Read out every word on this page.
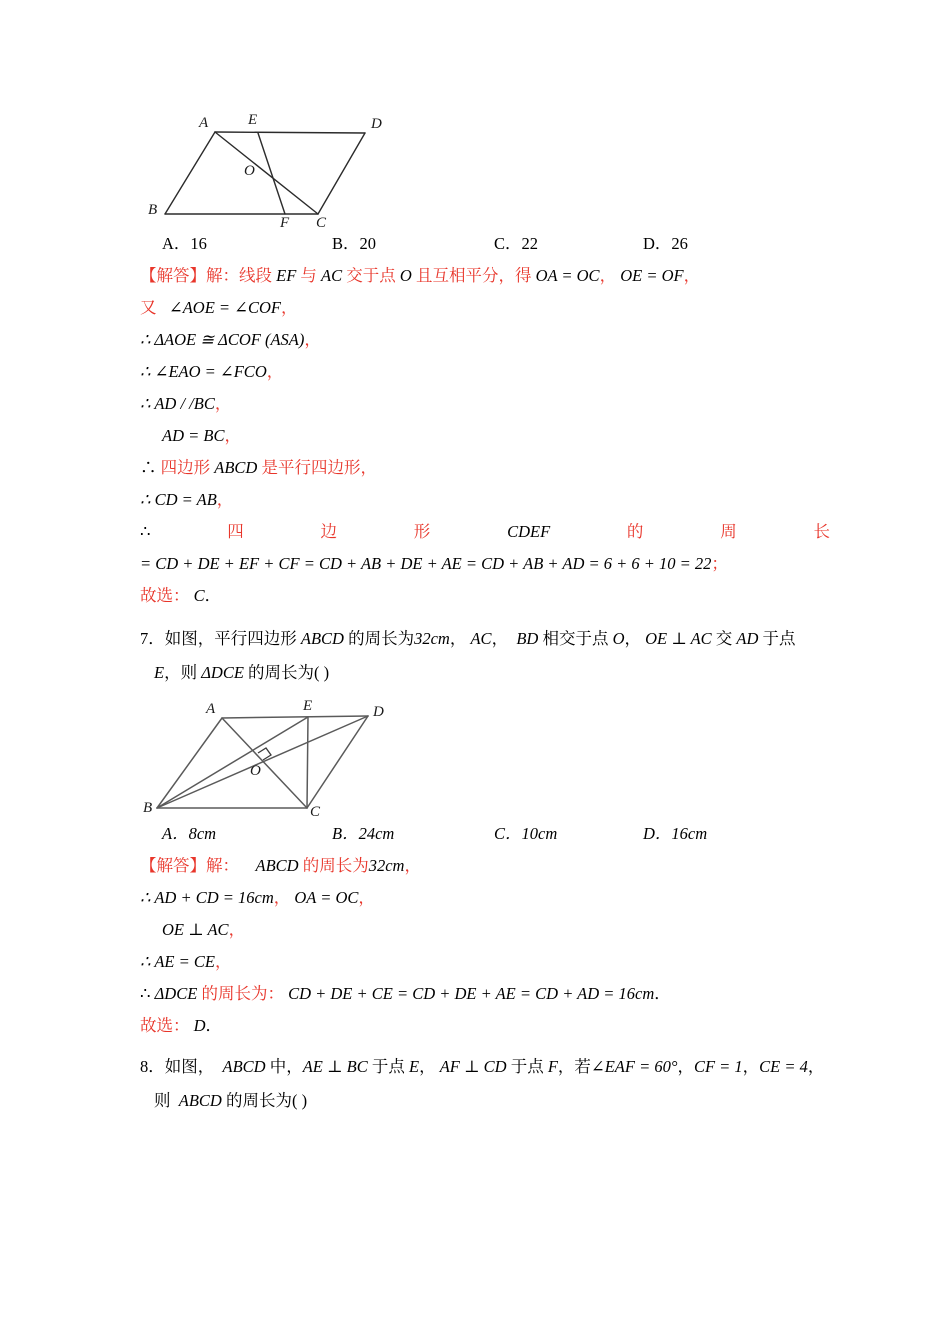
A	E	D
O
B
F C
A．16	B．20	C．22	D．26
【解答】解：线段 EF 与 AC 交于点 O 且互相平分，得 OA = OC， OE = OF，
又 ∠AOE = ∠COF，
∴ ΔAOE ≅ ΔCOF (ASA)，
∴ ∠EAO = ∠FCO，
∴ AD / /BC，
AD = BC，
∴ 四边形 ABCD 是平行四边形，
∴ CD = AB，
∴	四	边	形	CDEF	的	周	长
= CD + DE + EF + CF = CD + AB + DE + AE = CD + AB + AD = 6 + 6 + 10 = 22；
故选： C．
7．如图，平行四边形 ABCD 的周长为32cm， AC， BD 相交于点 O， OE ⊥ AC 交 AD 于点
E，则 ΔDCE 的周长为( )
A	E	D
O
B	C
A．8cm	B．24cm	C．10cm	D．16cm
【解答】解： ABCD 的周长为32cm，
∴ AD + CD = 16cm， OA = OC，
OE ⊥ AC，
∴ AE = CE，
∴ ΔDCE 的周长为： CD + DE + CE = CD + DE + AE = CD + AD = 16cm．
故选： D．
8．如图， ABCD 中，AE ⊥ BC 于点 E， AF ⊥ CD 于点 F，若∠EAF = 60°，CF = 1，CE = 4，
则  ABCD 的周长为( )
